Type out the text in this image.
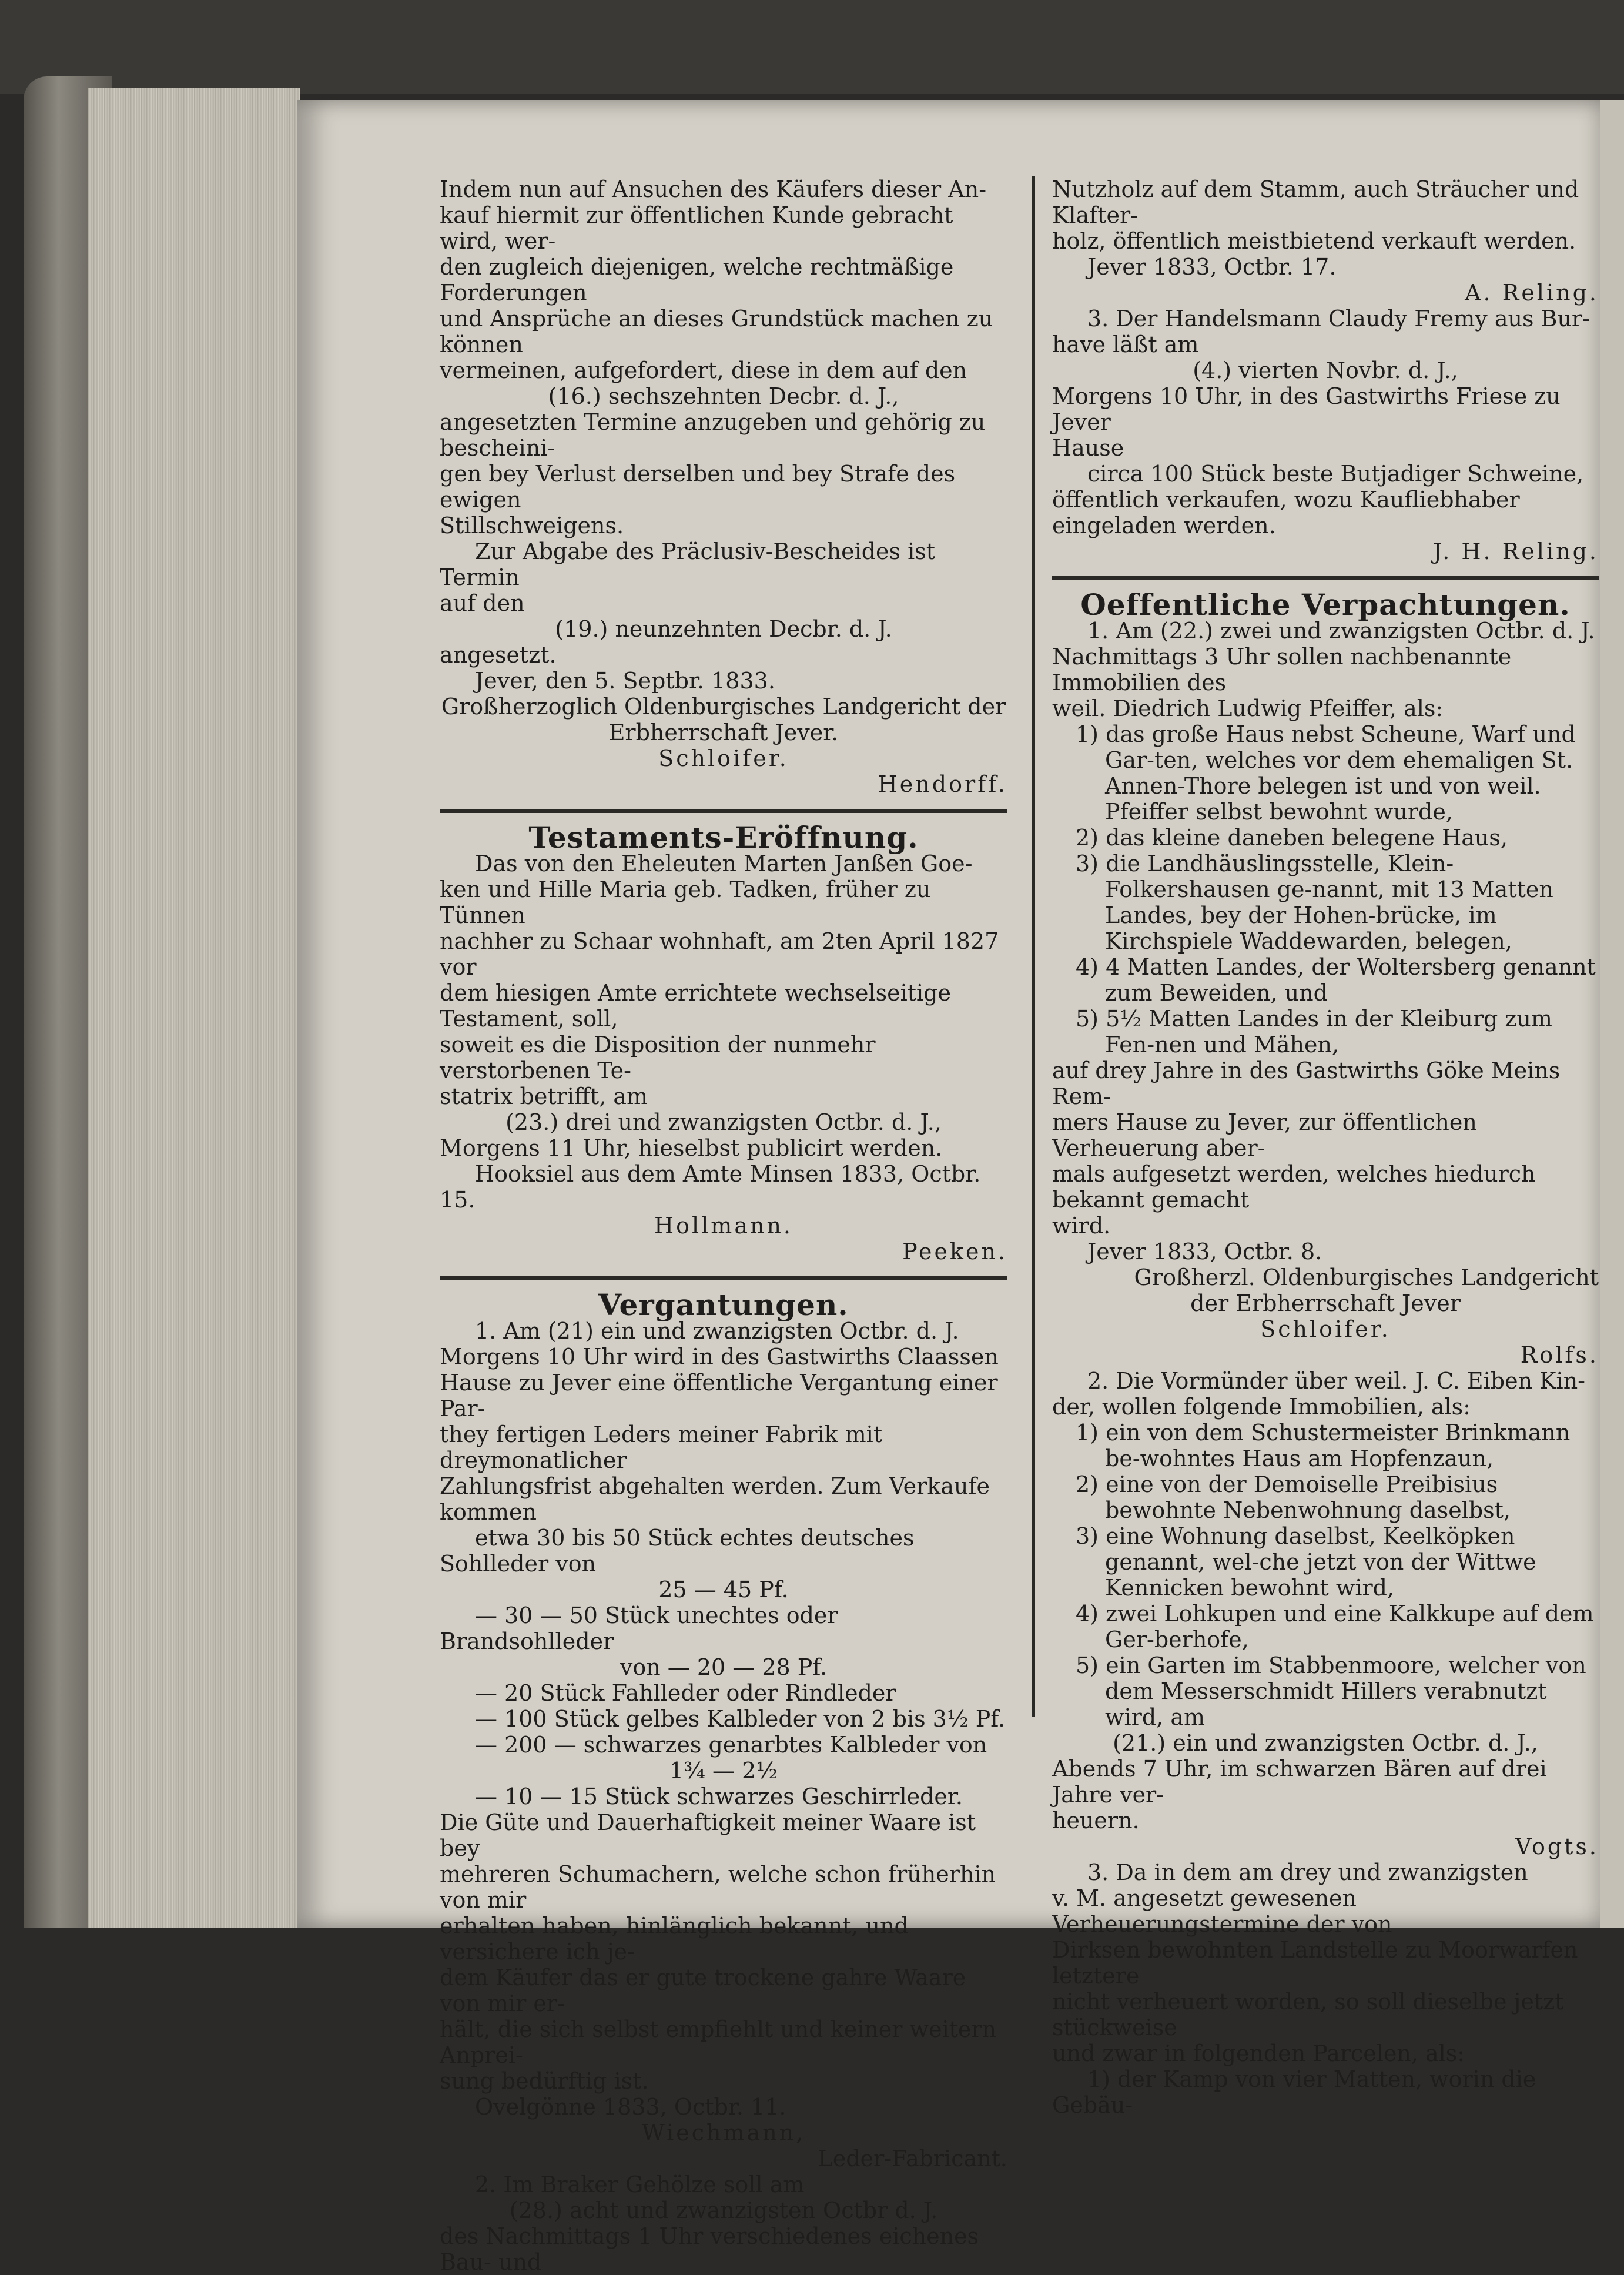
Indem nun auf Ansuchen des Käufers dieser An-

kauf hiermit zur öffentlichen Kunde gebracht wird, wer-

den zugleich diejenigen, welche rechtmäßige Forderungen

und Ansprüche an dieses Grundstück machen zu können

vermeinen, aufgefordert, diese in dem auf den

(16.) sechszehnten Decbr. d. J.,

angesetzten Termine anzugeben und gehörig zu bescheini-

gen bey Verlust derselben und bey Strafe des ewigen

Stillschweigens.

Zur Abgabe des Präclusiv-Bescheides ist Termin

auf den

(19.) neunzehnten Decbr. d. J.

angesetzt.

Jever, den 5. Septbr. 1833.

Großherzoglich Oldenburgisches Landgericht der

Erbherrschaft Jever.

Schloifer.

Hendorff.

Testaments-Eröffnung.

Das von den Eheleuten Marten Janßen Goe-

ken und Hille Maria geb. Tadken, früher zu Tünnen

nachher zu Schaar wohnhaft, am 2ten April 1827 vor

dem hiesigen Amte errichtete wechselseitige Testament, soll,

soweit es die Disposition der nunmehr verstorbenen Te-

statrix betrifft, am

(23.) drei und zwanzigsten Octbr. d. J.,

Morgens 11 Uhr, hieselbst publicirt werden.

Hooksiel aus dem Amte Minsen 1833, Octbr. 15.

Hollmann.

Peeken.

Vergantungen.

1. Am (21) ein und zwanzigsten Octbr. d. J.

Morgens 10 Uhr wird in des Gastwirths Claassen

Hause zu Jever eine öffentliche Vergantung einer Par-

they fertigen Leders meiner Fabrik mit dreymonatlicher

Zahlungsfrist abgehalten werden. Zum Verkaufe kommen

etwa 30 bis 50 Stück echtes deutsches Sohlleder von

25 — 45 Pf.

— 30 — 50 Stück unechtes oder Brandsohlleder

von — 20 — 28 Pf.

— 20 Stück Fahlleder oder Rindleder

— 100 Stück gelbes Kalbleder von 2 bis 3½ Pf.

— 200 — schwarzes genarbtes Kalbleder von

1¾ — 2½

— 10 — 15 Stück schwarzes Geschirrleder.

Die Güte und Dauerhaftigkeit meiner Waare ist bey

mehreren Schumachern, welche schon früherhin von mir

erhalten haben, hinlänglich bekannt, und versichere ich je-

dem Käufer das er gute trockene gahre Waare von mir er-

hält, die sich selbst empfiehlt und keiner weitern Anprei-

sung bedürftig ist.

Ovelgönne 1833, Octbr. 11.

Wiechmann,

Leder-Fabricant.

2. Im Braker Gehölze soll am

(28.) acht und zwanzigsten Octbr d. J.

des Nachmittags 1 Uhr verschiedenes eichenes Bau- und

Nutzholz auf dem Stamm, auch Sträucher und Klafter-

holz, öffentlich meistbietend verkauft werden.

Jever 1833, Octbr. 17.

A. Reling.

3. Der Handelsmann Claudy Fremy aus Bur-

have läßt am

(4.) vierten Novbr. d. J.,

Morgens 10 Uhr, in des Gastwirths Friese zu Jever

Hause

circa 100 Stück beste Butjadiger Schweine,

öffentlich verkaufen, wozu Kaufliebhaber eingeladen werden.

J. H. Reling.

Oeffentliche Verpachtungen.

1. Am (22.) zwei und zwanzigsten Octbr. d. J.

Nachmittags 3 Uhr sollen nachbenannte Immobilien des

weil. Diedrich Ludwig Pfeiffer, als:

1) das große Haus nebst Scheune, Warf und Gar-ten, welches vor dem ehemaligen St. Annen-Thore belegen ist und von weil. Pfeiffer selbst bewohnt wurde,

2) das kleine daneben belegene Haus,

3) die Landhäuslingsstelle, Klein-Folkershausen ge-nannt, mit 13 Matten Landes, bey der Hohen-brücke, im Kirchspiele Waddewarden, belegen,

4) 4 Matten Landes, der Woltersberg genannt zum Beweiden, und

5) 5½ Matten Landes in der Kleiburg zum Fen-nen und Mähen,

auf drey Jahre in des Gastwirths Göke Meins Rem-

mers Hause zu Jever, zur öffentlichen Verheuerung aber-

mals aufgesetzt werden, welches hiedurch bekannt gemacht

wird.

Jever 1833, Octbr. 8.

Großherzl. Oldenburgisches Landgericht

der Erbherrschaft Jever

Schloifer.

Rolfs.

2. Die Vormünder über weil. J. C. Eiben Kin-

der, wollen folgende Immobilien, als:

1) ein von dem Schustermeister Brinkmann be-wohntes Haus am Hopfenzaun,

2) eine von der Demoiselle Preibisius bewohnte Nebenwohnung daselbst,

3) eine Wohnung daselbst, Keelköpken genannt, wel-che jetzt von der Wittwe Kennicken bewohnt wird,

4) zwei Lohkupen und eine Kalkkupe auf dem Ger-berhofe,

5) ein Garten im Stabbenmoore, welcher von dem Messerschmidt Hillers verabnutzt wird, am

(21.) ein und zwanzigsten Octbr. d. J.,

Abends 7 Uhr, im schwarzen Bären auf drei Jahre ver-

heuern.

Vogts.

3. Da in dem am drey und zwanzigsten

v. M. angesetzt gewesenen Verheuerungstermine der von

Dirksen bewohnten Landstelle zu Moorwarfen letztere

nicht verheuert worden, so soll dieselbe jetzt stückweise

und zwar in folgenden Parcelen, als:

1) der Kamp von vier Matten, worin die Gebäu-
